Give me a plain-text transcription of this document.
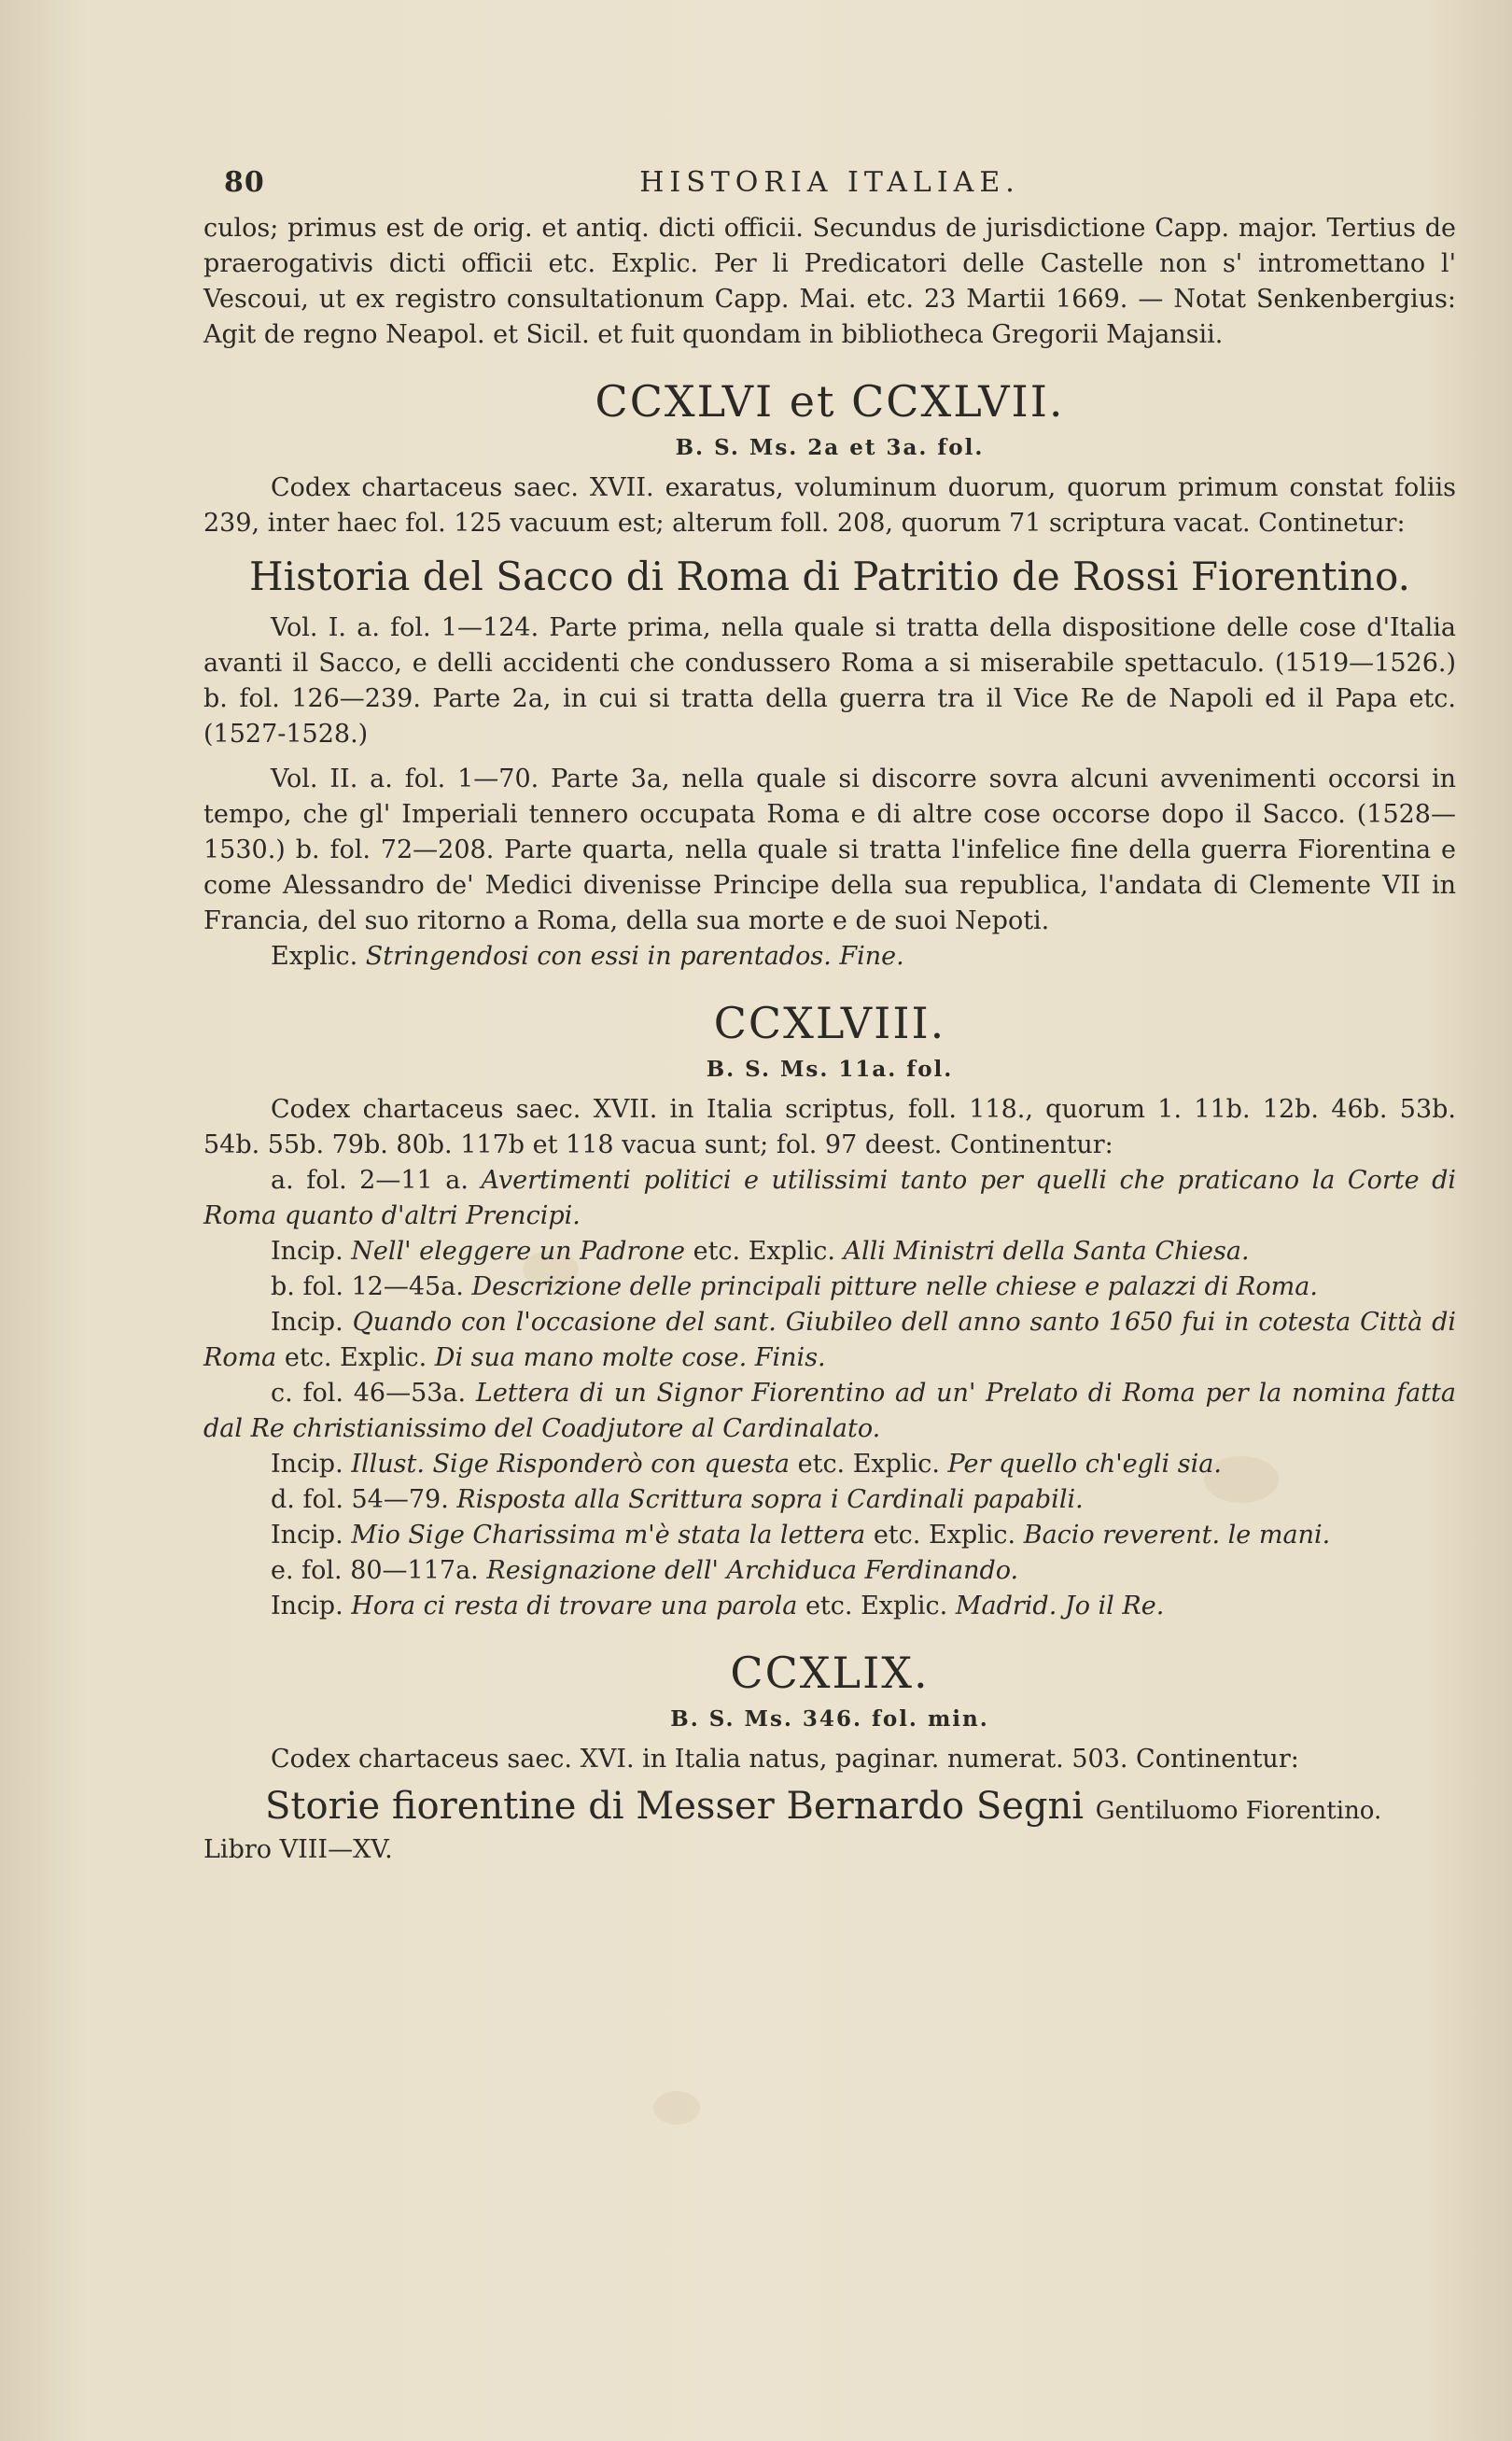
80	HISTORIA ITALIAE.

culos; primus est de orig. et antiq. dicti officii. Secundus de jurisdictione Capp. major. Tertius de praerogativis dicti officii etc. Explic. Per li Predicatori delle Castelle non s' intromettano l' Vescoui, ut ex registro consultationum Capp. Mai. etc. 23 Martii 1669. — Notat Senkenbergius: Agit de regno Neapol. et Sicil. et fuit quondam in bibliotheca Gregorii Majansii.

CCXLVI et CCXLVII.
B. S. Ms. 2a et 3a. fol.

Codex chartaceus saec. XVII. exaratus, voluminum duorum, quorum primum constat foliis 239, inter haec fol. 125 vacuum est; alterum foll. 208, quorum 71 scriptura vacat. Continetur:

Historia del Sacco di Roma di Patritio de Rossi Fiorentino.

Vol. I. a. fol. 1—124. Parte prima, nella quale si tratta della dispositione delle cose d'Italia avanti il Sacco, e delli accidenti che condussero Roma a si miserabile spettaculo. (1519—1526.) b. fol. 126—239. Parte 2a, in cui si tratta della guerra tra il Vice Re de Napoli ed il Papa etc. (1527-1528.)

Vol. II. a. fol. 1—70. Parte 3a, nella quale si discorre sovra alcuni avvenimenti occorsi in tempo, che gl' Imperiali tennero occupata Roma e di altre cose occorse dopo il Sacco. (1528—1530.) b. fol. 72—208. Parte quarta, nella quale si tratta l'infelice fine della guerra Fiorentina e come Alessandro de' Medici divenisse Principe della sua republica, l'andata di Clemente VII in Francia, del suo ritorno a Roma, della sua morte e de suoi Nepoti.

Explic. Stringendosi con essi in parentados. Fine.

CCXLVIII.
B. S. Ms. 11a. fol.

Codex chartaceus saec. XVII. in Italia scriptus, foll. 118., quorum 1. 11b. 12b. 46b. 53b. 54b. 55b. 79b. 80b. 117b et 118 vacua sunt; fol. 97 deest. Continentur:

a. fol. 2—11 a. Avertimenti politici e utilissimi tanto per quelli che praticano la Corte di Roma quanto d'altri Prencipi.

Incip. Nell' eleggere un Padrone etc. Explic. Alli Ministri della Santa Chiesa.

b. fol. 12—45a. Descrizione delle principali pitture nelle chiese e palazzi di Roma.

Incip. Quando con l'occasione del sant. Giubileo dell anno santo 1650 fui in cotesta Città di Roma etc. Explic. Di sua mano molte cose. Finis.

c. fol. 46—53a. Lettera di un Signor Fiorentino ad un' Prelato di Roma per la nomina fatta dal Re christianissimo del Coadjutore al Cardinalato.

Incip. Illust. Sige Risponderò con questa etc. Explic. Per quello ch'egli sia.

d. fol. 54—79. Risposta alla Scrittura sopra i Cardinali papabili.

Incip. Mio Sige Charissima m'è stata la lettera etc. Explic. Bacio reverent. le mani.

e. fol. 80—117a. Resignazione dell' Archiduca Ferdinando.

Incip. Hora ci resta di trovare una parola etc. Explic. Madrid. Jo il Re.

CCXLIX.
B. S. Ms. 346. fol. min.

Codex chartaceus saec. XVI. in Italia natus, paginar. numerat. 503. Continentur:

Storie fiorentine di Messer Bernardo Segni Gentiluomo Fiorentino.

Libro VIII—XV.
